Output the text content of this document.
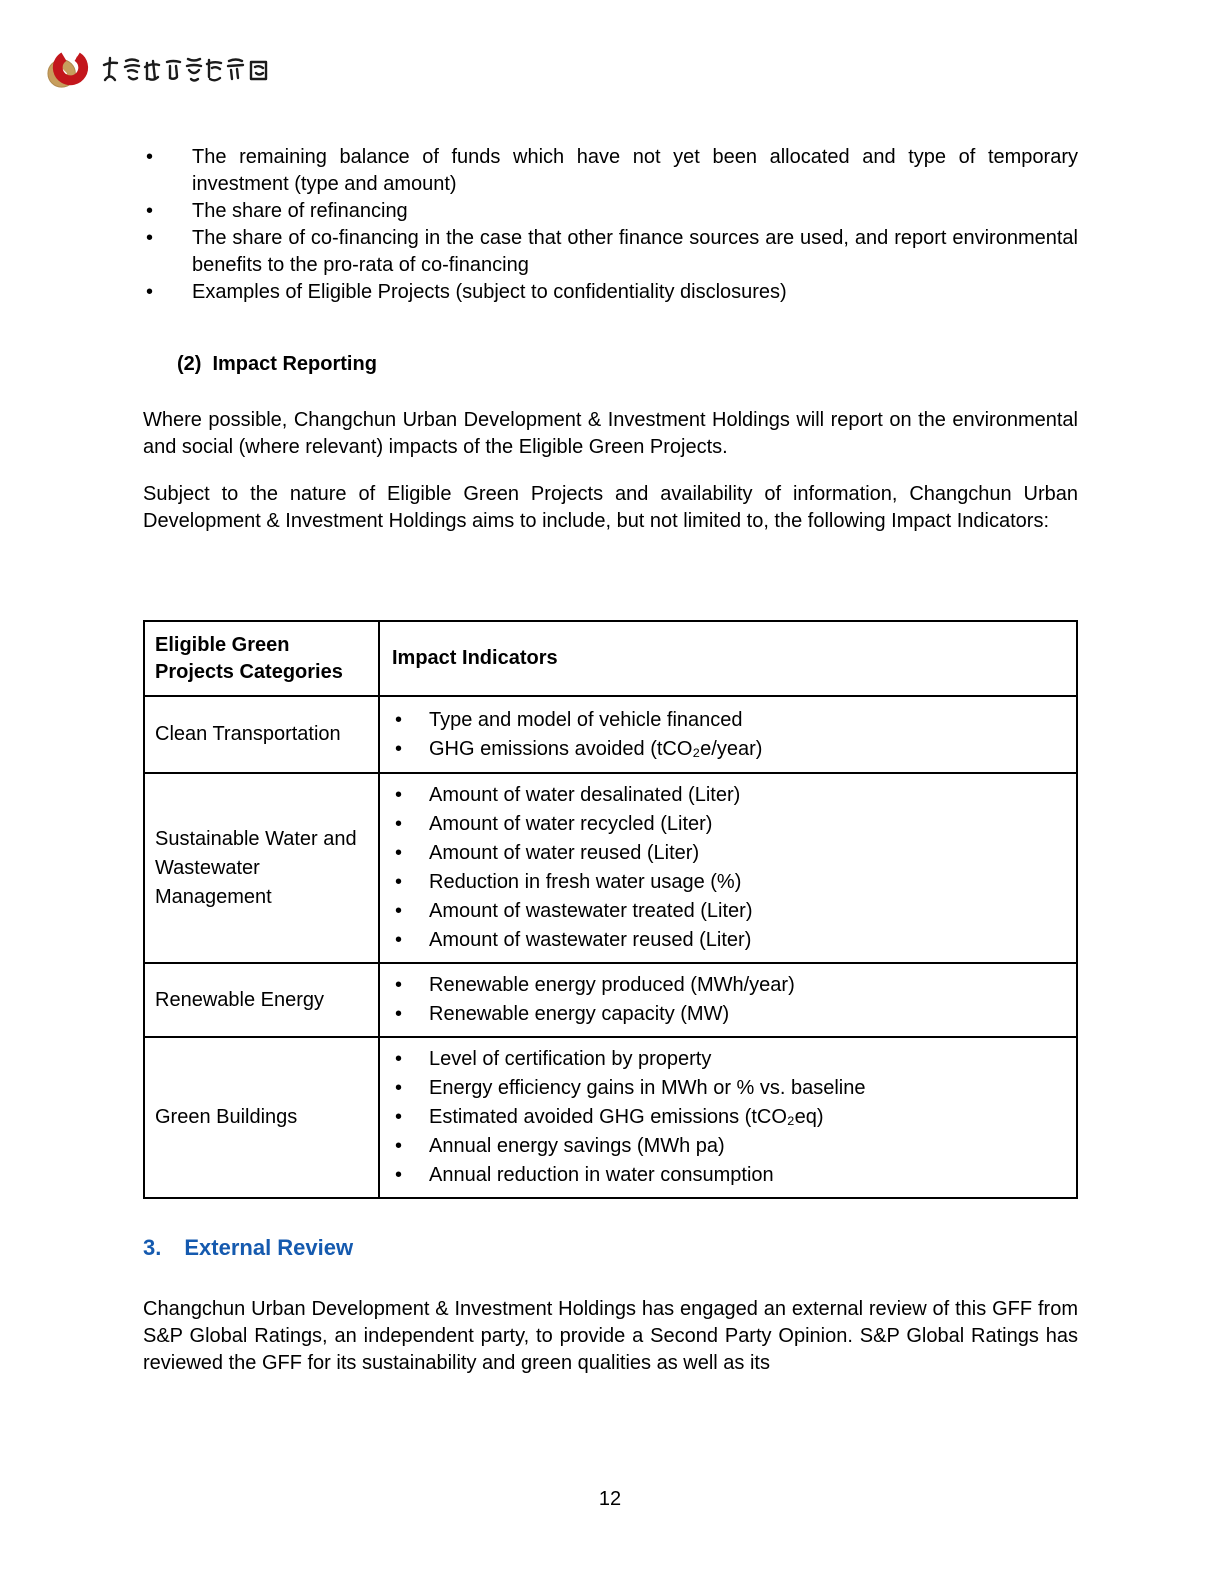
• The remaining balance of funds which have not yet been allocated and type of temporary investment (type and amount)
• The share of refinancing
• The share of co-financing in the case that other finance sources are used, and report environmental benefits to the pro-rata of co-financing
• Examples of Eligible Projects (subject to confidentiality disclosures)
(2) Impact Reporting

Where possible, Changchun Urban Development & Investment Holdings will report on the environmental and social (where relevant) impacts of the Eligible Green Projects.

Subject to the nature of Eligible Green Projects and availability of information, Changchun Urban Development & Investment Holdings aims to include, but not limited to, the following Impact Indicators:

Eligible Green Projects Categories	Impact Indicators
Clean Transportation	
• Type and model of vehicle financed
• GHG emissions avoided (tCO₂e/year)

Sustainable Water and Wastewater Management	
• Amount of water desalinated (Liter)
• Amount of water recycled (Liter)
• Amount of water reused (Liter)
• Reduction in fresh water usage (%)
• Amount of wastewater treated (Liter)
• Amount of wastewater reused (Liter)

Renewable Energy	
• Renewable energy produced (MWh/year)
• Renewable energy capacity (MW)

Green Buildings	
• Level of certification by property
• Energy efficiency gains in MWh or % vs. baseline
• Estimated avoided GHG emissions (tCO₂eq)
• Annual energy savings (MWh pa)
• Annual reduction in water consumption
3. External Review

Changchun Urban Development & Investment Holdings has engaged an external review of this GFF from S&P Global Ratings, an independent party, to provide a Second Party Opinion. S&P Global Ratings has reviewed the GFF for its sustainability and green qualities as well as its

12
